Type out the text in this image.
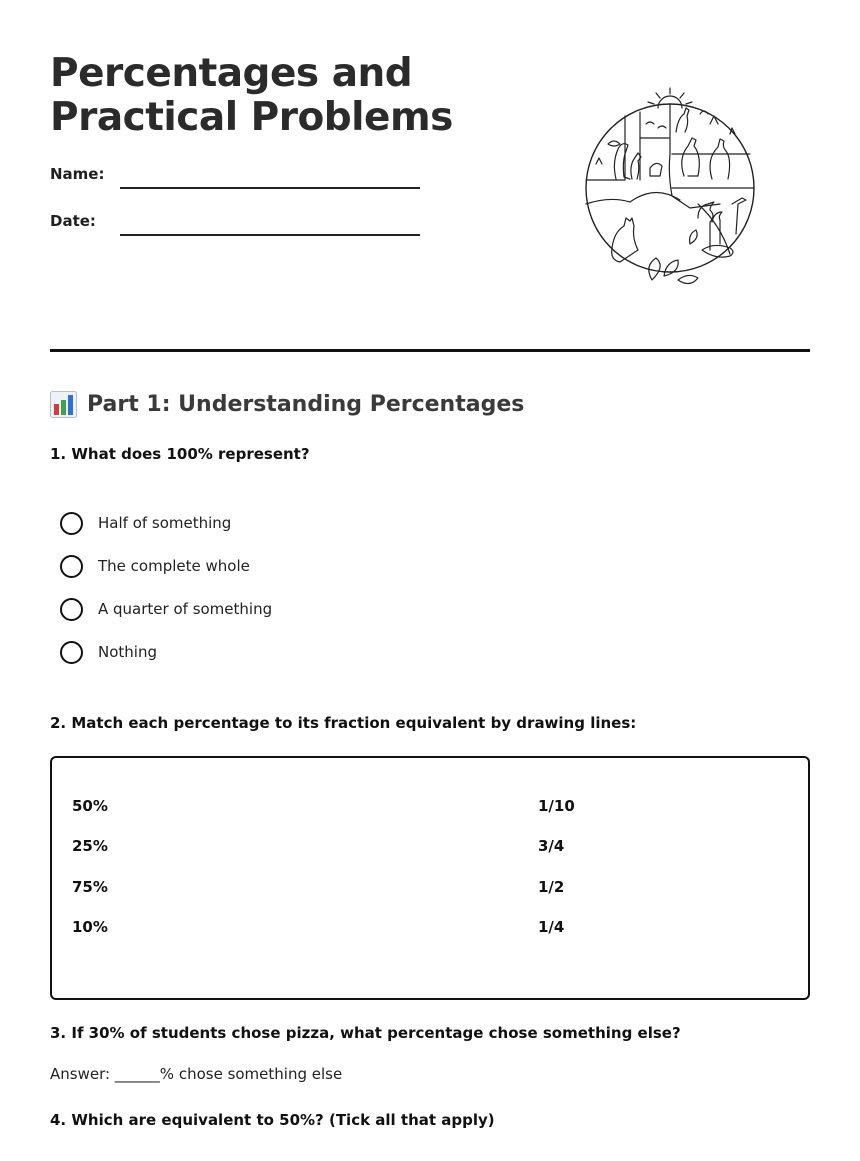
Percentages and
Practical Problems
Name:
Date:
Part 1: Understanding Percentages
1. What does 100% represent?
Half of something
The complete whole
A quarter of something
Nothing
2. Match each percentage to its fraction equivalent by drawing lines:
50%
25%
75%
10%
1/10
3/4
1/2
1/4
3. If 30% of students chose pizza, what percentage chose something else?
Answer: ______% chose something else
4. Which are equivalent to 50%? (Tick all that apply)
